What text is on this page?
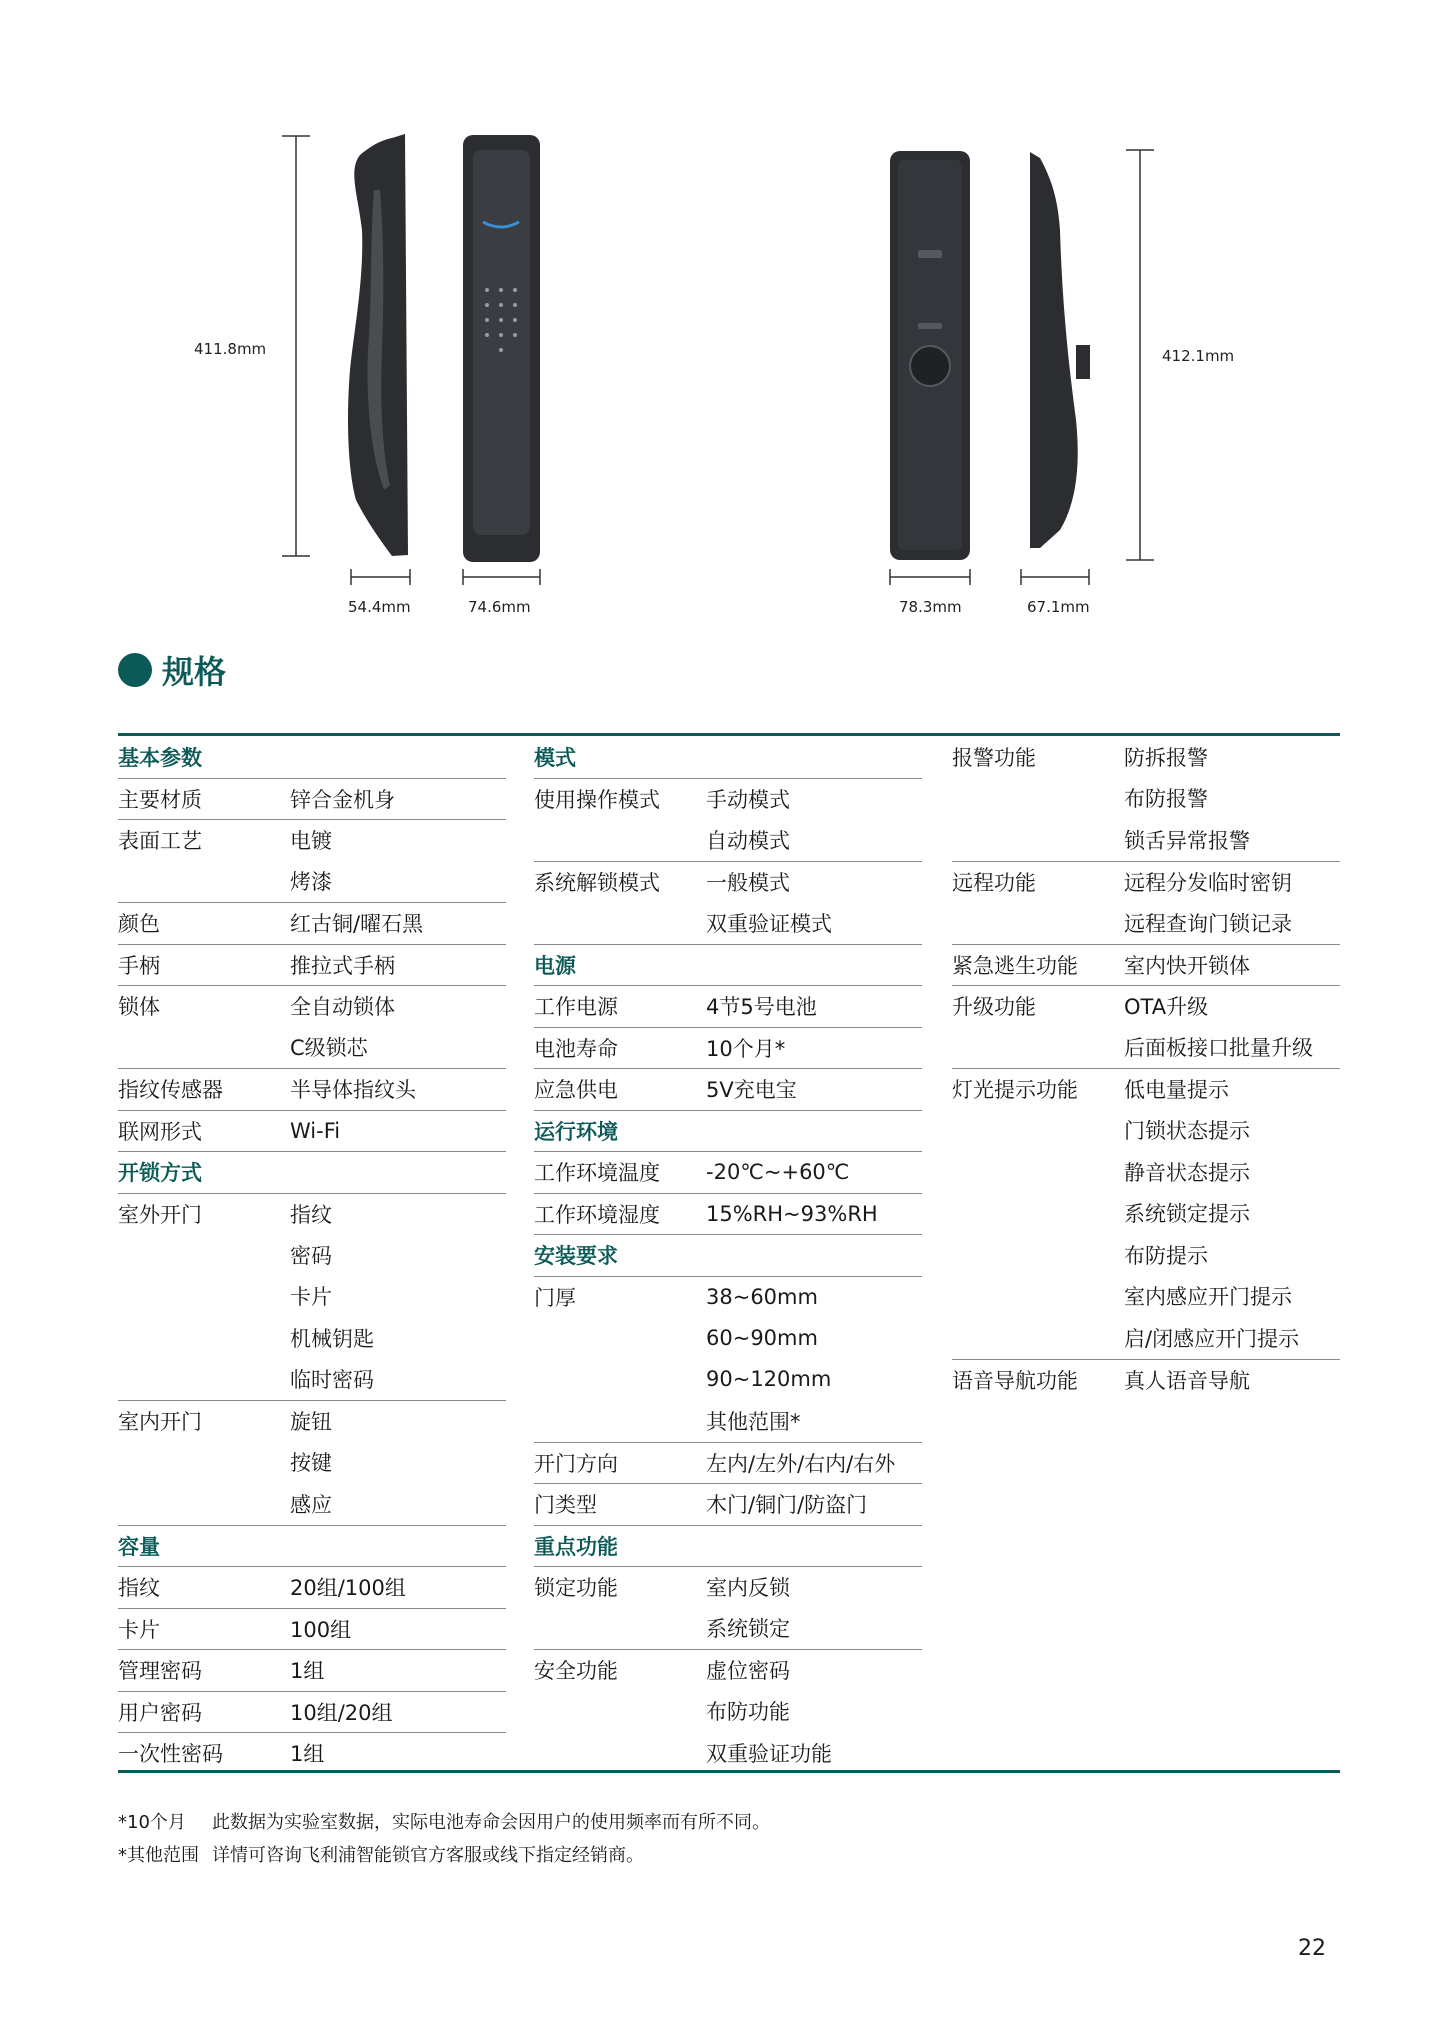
411.8mm	412.1mm
54.4mm	74.6mm	78.3mm	67.1mm
规格
基本参数
主要材质	锌合金机身
表面工艺	电镀
烤漆
颜色	红古铜/曜石黑
手柄	推拉式手柄
锁体	全自动锁体
C级锁芯
指纹传感器	半导体指纹头
联网形式	Wi-Fi
开锁方式
室外开门	指纹
密码
卡片
机械钥匙
临时密码
室内开门	旋钮
按键
感应
容量
指纹	20组/100组
卡片	100组
管理密码	1组
用户密码	10组/20组
一次性密码	1组
模式
使用操作模式	手动模式
自动模式
系统解锁模式	一般模式
双重验证模式
电源
工作电源	4节5号电池
电池寿命	10个月*
应急供电	5V充电宝
运行环境
工作环境温度	-20℃~+60℃
工作环境湿度	15%RH~93%RH
安装要求
门厚	38~60mm
60~90mm
90~120mm
其他范围*
开门方向	左内/左外/右内/右外
门类型	木门/铜门/防盗门
重点功能
锁定功能	室内反锁
系统锁定
安全功能	虚位密码
布防功能
双重验证功能
报警功能	防拆报警
布防报警
锁舌异常报警
远程功能	远程分发临时密钥
远程查询门锁记录
紧急逃生功能	室内快开锁体
升级功能	OTA升级
后面板接口批量升级
灯光提示功能	低电量提示
门锁状态提示
静音状态提示
系统锁定提示
布防提示
室内感应开门提示
启/闭感应开门提示
语音导航功能	真人语音导航
*10个月	此数据为实验室数据，实际电池寿命会因用户的使用频率而有所不同。
*其他范围 详情可咨询飞利浦智能锁官方客服或线下指定经销商。
22
